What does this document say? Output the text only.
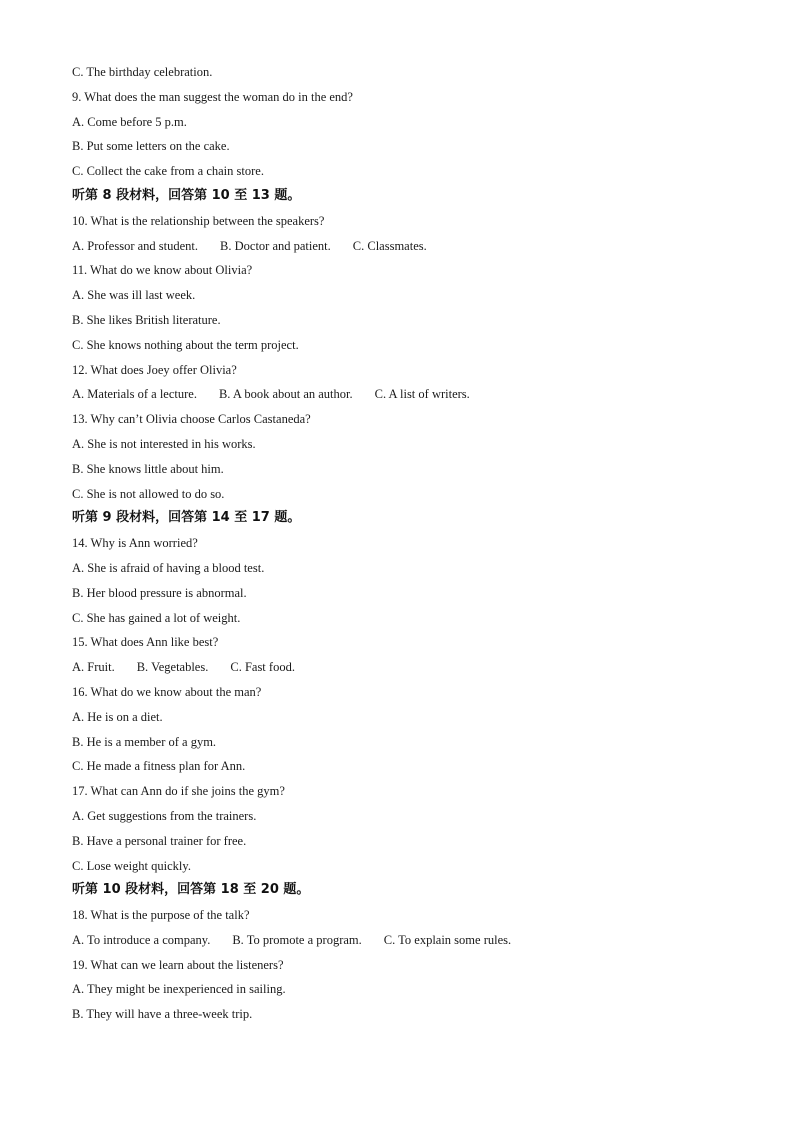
C. The birthday celebration.
9. What does the man suggest the woman do in the end?
A. Come before 5 p.m.
B. Put some letters on the cake.
C. Collect the cake from a chain store.
听第 8 段材料，回答第 10 至 13 题。
10. What is the relationship between the speakers?
A. Professor and student. B. Doctor and patient. C. Classmates.
11. What do we know about Olivia?
A. She was ill last week.
B. She likes British literature.
C. She knows nothing about the term project.
12. What does Joey offer Olivia?
A. Materials of a lecture. B. A book about an author. C. A list of writers.
13. Why can’t Olivia choose Carlos Castaneda?
A. She is not interested in his works.
B. She knows little about him.
C. She is not allowed to do so.
听第 9 段材料，回答第 14 至 17 题。
14. Why is Ann worried?
A. She is afraid of having a blood test.
B. Her blood pressure is abnormal.
C. She has gained a lot of weight.
15. What does Ann like best?
A. Fruit. B. Vegetables. C. Fast food.
16. What do we know about the man?
A. He is on a diet.
B. He is a member of a gym.
C. He made a fitness plan for Ann.
17. What can Ann do if she joins the gym?
A. Get suggestions from the trainers.
B. Have a personal trainer for free.
C. Lose weight quickly.
听第 10 段材料，回答第 18 至 20 题。
18. What is the purpose of the talk?
A. To introduce a company. B. To promote a program. C. To explain some rules.
19. What can we learn about the listeners?
A. They might be inexperienced in sailing.
B. They will have a three-week trip.
